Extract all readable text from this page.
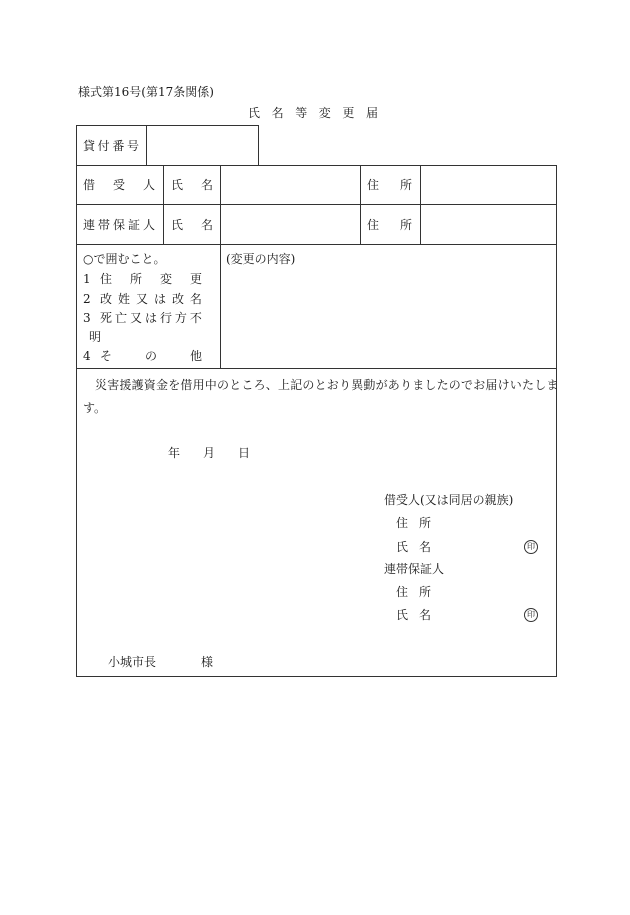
様式第16号(第17条関係)
氏 名 等 変 更 届
貸 付 番 号
借 受 人 氏 名	住 所
連 帯 保 証 人 氏 名	住 所
○で囲むこと。
1 住 所 変 更
2 改 姓 又 は 改 名
3 死 亡 又 は 行 方 不
明
4 そ	の	他
(変更の内容)
災害援護資金を借用中のところ、上記のとおり異動がありましたのでお届けいたしま
す。
年 月 日
借受人(又は同居の親族)
住 所
氏 名	印
連帯保証人
住 所
氏 名	印
小城市長	様
